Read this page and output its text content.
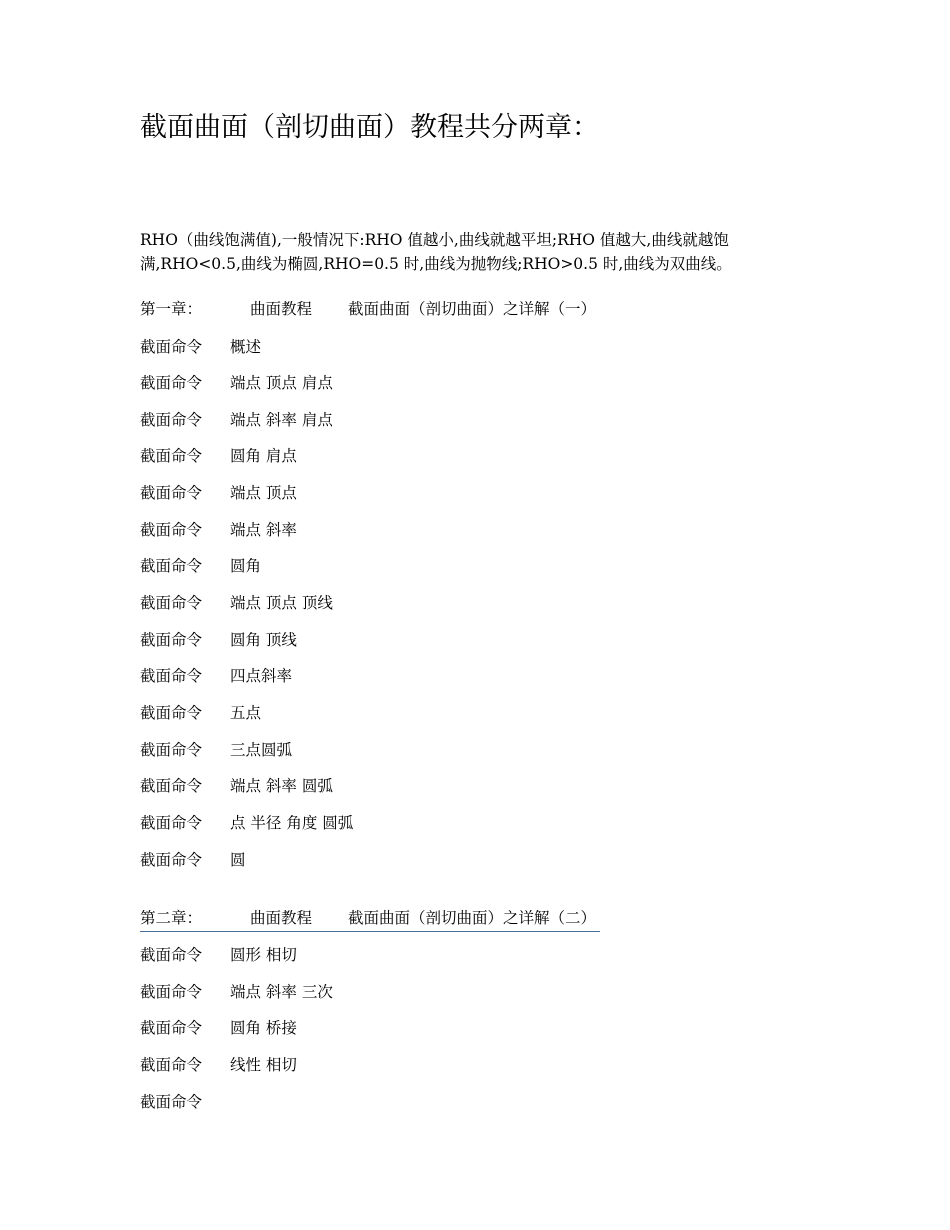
截面曲面（剖切曲面）教程共分两章：

RHO（曲线饱满值),一般情况下:RHO 值越小,曲线就越平坦;RHO 值越大,曲线就越饱满,RHO<0.5,曲线为椭圆,RHO=0.5 时,曲线为抛物线;RHO>0.5 时,曲线为双曲线。

第一章：	曲面教程 截面曲面（剖切曲面）之详解（一）
截面命令 概述
截面命令 端点 顶点 肩点
截面命令 端点 斜率 肩点
截面命令 圆角 肩点
截面命令 端点 顶点
截面命令 端点 斜率
截面命令 圆角
截面命令 端点 顶点 顶线
截面命令 圆角 顶线
截面命令 四点斜率
截面命令 五点
截面命令 三点圆弧
截面命令 端点 斜率 圆弧
截面命令 点 半径 角度 圆弧
截面命令 圆
第二章：	曲面教程 截面曲面（剖切曲面）之详解（二）
截面命令 圆形 相切
截面命令 端点 斜率 三次
截面命令 圆角 桥接
截面命令 线性 相切
截面命令
